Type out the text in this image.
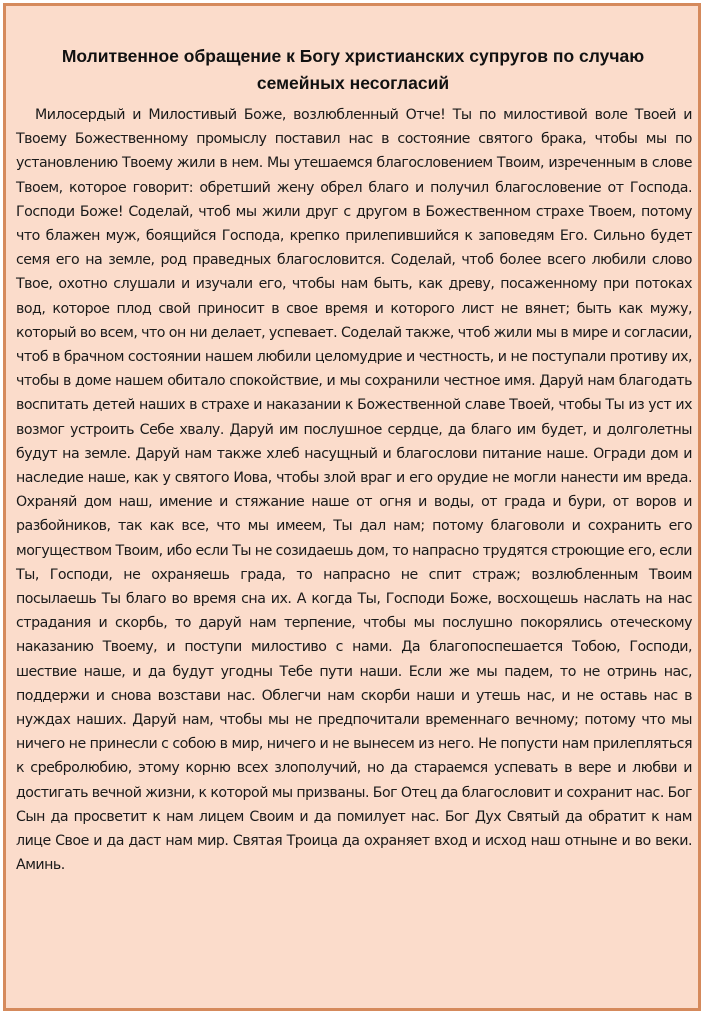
Молитвенное обращение к Богу христианских супругов по случаю семейных несогласий

Милосердый и Милостивый Боже, возлюбленный Отче! Ты по милостивой воле Твоей и Твоему Божественному промыслу поставил нас в состояние святого брака, чтобы мы по установлению Твоему жили в нем. Мы утешаемся благословением Твоим, изреченным в слове Твоем, которое говорит: обретший жену обрел благо и получил благословение от Господа. Господи Боже! Соделай, чтоб мы жили друг с другом в Божественном страхе Твоем, потому что блажен муж, боящийся Господа, крепко прилепившийся к заповедям Его. Сильно будет семя его на земле, род праведных благословится. Соделай, чтоб более всего любили слово Твое, охотно слушали и изучали его, чтобы нам быть, как древу, посаженному при потоках вод, которое плод свой приносит в свое время и которого лист не вянет; быть как мужу, который во всем, что он ни делает, успевает. Соделай также, чтоб жили мы в мире и согласии, чтоб в брачном состоянии нашем любили целомудрие и честность, и не поступали противу их, чтобы в доме нашем обитало спокойствие, и мы сохранили честное имя. Даруй нам благодать воспитать детей наших в страхе и наказании к Божественной славе Твоей, чтобы Ты из уст их возмог устроить Себе хвалу. Даруй им послушное сердце, да благо им будет, и долголетны будут на земле. Даруй нам также хлеб насущный и благослови питание наше. Огради дом и наследие наше, как у святого Иова, чтобы злой враг и его орудие не могли нанести им вреда. Охраняй дом наш, имение и стяжание наше от огня и воды, от града и бури, от воров и разбойников, так как все, что мы имеем, Ты дал нам; потому благоволи и сохранить его могуществом Твоим, ибо если Ты не созидаешь дом, то напрасно трудятся строющие его, если Ты, Господи, не охраняешь града, то напрасно не спит страж; возлюбленным Твоим посылаешь Ты благо во время сна их. А когда Ты, Господи Боже, восхощешь наслать на нас страдания и скорбь, то даруй нам терпение, чтобы мы послушно покорялись отеческому наказанию Твоему, и поступи милостиво с нами. Да благопоспешается Тобою, Господи, шествие наше, и да будут угодны Тебе пути наши. Если же мы падем, то не отринь нас, поддержи и снова возстави нас. Облегчи нам скорби наши и утешь нас, и не оставь нас в нуждах наших. Даруй нам, чтобы мы не предпочитали временнаго вечному; потому что мы ничего не принесли с собою в мир, ничего и не вынесем из него. Не попусти нам прилепляться к сребролюбию, этому корню всех злополучий, но да стараемся успевать в вере и любви и достигать вечной жизни, к которой мы призваны. Бог Отец да благословит и сохранит нас. Бог Сын да просветит к нам лицем Своим и да помилует нас. Бог Дух Святый да обратит к нам лице Свое и да даст нам мир. Святая Троица да охраняет вход и исход наш отныне и во веки. Аминь.
